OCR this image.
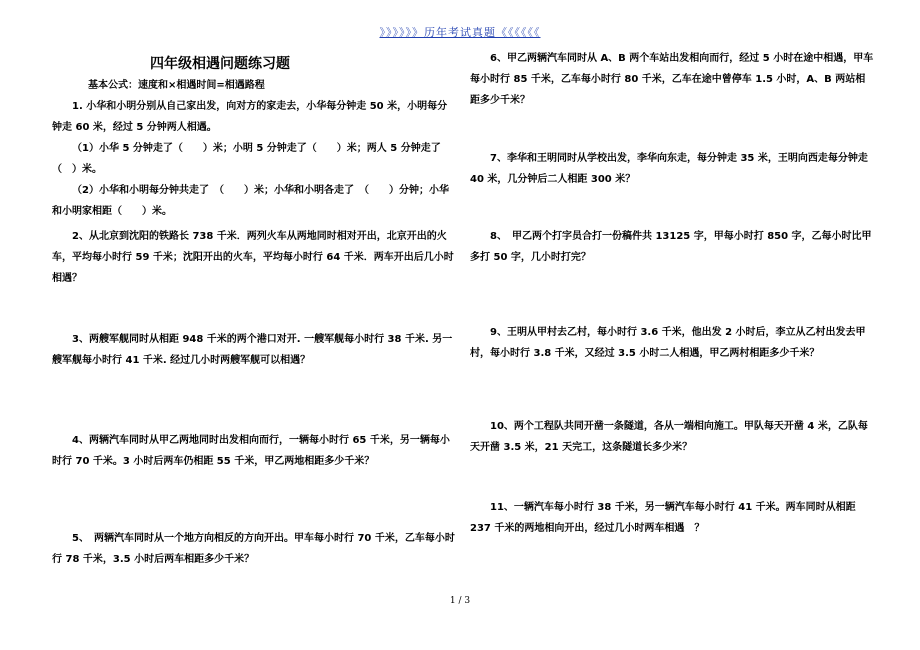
》》》》》》历年考试真题《《《《《《
四年级相遇问题练习题
基本公式：速度和×相遇时间=相遇路程
1. 小华和小明分别从自己家出发，向对方的家走去，小华每分钟走 50 米，小明每分钟走 60 米，经过 5 分钟两人相遇。
（1）小华 5 分钟走了（　　）米；小明 5 分钟走了（　　）米；两人 5 分钟走了（　）米。
（2）小华和小明每分钟共走了　（　　）米；小华和小明各走了　（　　）分钟；小华和小明家相距（　　）米。
2、从北京到沈阳的铁路长 738 千米．两列火车从两地同时相对开出，北京开出的火车，平均每小时行 59 千米；沈阳开出的火车，平均每小时行 64 千米．两车开出后几小时相遇？
3、两艘军舰同时从相距 948 千米的两个港口对开. 一艘军舰每小时行 38 千米. 另一艘军舰每小时行 41 千米. 经过几小时两艘军舰可以相遇？
4、两辆汽车同时从甲乙两地同时出发相向而行，一辆每小时行 65 千米，另一辆每小时行 70 千米。3 小时后两车仍相距 55 千米，甲乙两地相距多少千米？
5、　两辆汽车同时从一个地方向相反的方向开出。甲车每小时行 70 千米，乙车每小时行 78 千米，3.5 小时后两车相距多少千米？
6、甲乙两辆汽车同时从 A、B 两个车站出发相向而行，经过 5 小时在途中相遇，甲车每小时行 85 千米，乙车每小时行 80 千米，乙车在途中曾停车 1.5 小时，A、B 两站相距多少千米？
7、李华和王明同时从学校出发，李华向东走，每分钟走 35 米，王明向西走每分钟走 40 米，几分钟后二人相距 300 米？
8、　甲乙两个打字员合打一份稿件共 13125 字，甲每小时打 850 字，乙每小时比甲多打 50 字，几小时打完？
9、王明从甲村去乙村，每小时行 3.6 千米，他出发 2 小时后，李立从乙村出发去甲村，每小时行 3.8 千米，又经过 3.5 小时二人相遇，甲乙两村相距多少千米？
10、两个工程队共同开凿一条隧道，各从一端相向施工。甲队每天开凿 4 米，乙队每天开凿 3.5 米，21 天完工，这条隧道长多少米？
11、一辆汽车每小时行 38 千米，另一辆汽车每小时行 41 千米。两车同时从相距 237 千米的两地相向开出，经过几小时两车相遇　？
1 / 3
